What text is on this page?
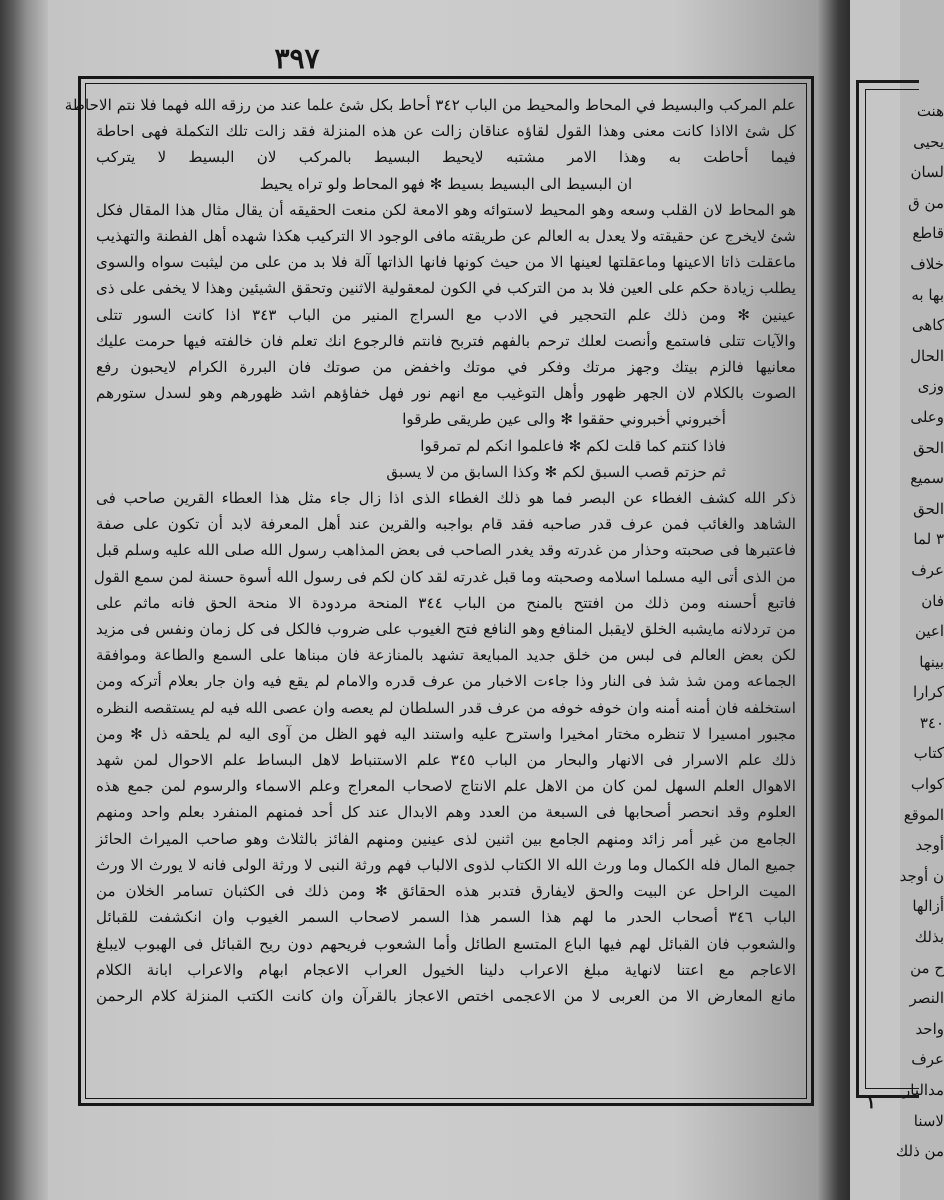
هنت
يحيى
لسان
من ق
قاطع
خلاف
بها به
كاهى
الحال
وزى
وعلى
الحق
سميع
الحق
٣ لما
عرف
فان
اعين
بينها
كرارا
٣٤٠
كتاب
كواب
الموقع
أوجد
ن أوجد
أزالها
بذلك
ح من
النصر
واحد
عرف
مدالنار
لاسنا
من ذلك
٣٩٧
علم المركب والبسيط في المحاط والمحيط من الباب ٣٤٢ أحاط بكل شئ علما عند من رزقه الله فهما فلا نتم الاحاطة
كل شئ الااذا كانت معنى وهذا القول لقاؤه عناقان زالت عن هذه المنزلة فقد زالت تلك التكملة فهى احاطة
فيما أحاطت به وهذا الامر مشتبه لايحيط البسيط بالمركب لان البسيط لا يتركب
ان البسيط الى البسيط بسيط ✻ فهو المحاط ولو تراه يحيط
هو المحاط لان القلب وسعه وهو المحيط لاستوائه وهو الامعة لكن منعت الحقيقه أن يقال مثال هذا المقال فكل
شئ لايخرج عن حقيقته ولا يعدل به العالم عن طريقته مافى الوجود الا التركيب هكذا شهده أهل الفطنة والتهذيب
ماعقلت ذاتا الاعينها وماعقلتها لعينها الا من حيث كونها فانها الذاتها آلة فلا بد من على من ليثبت سواه والسوى
يطلب زيادة حكم على العين فلا بد من التركب في الكون لمعقولية الاثنين وتحقق الشيئين وهذا لا يخفى على ذى
عينين ✻ ومن ذلك علم التحجير في الادب مع السراج المنير من الباب ٣٤٣ اذا كانت السور تتلى
والآيات تتلى فاستمع وأنصت لعلك ترحم بالفهم فتربح فانتم فالرجوع انك تعلم فان خالفته فيها حرمت عليك
معانيها فالزم بيتك وجهز مرتك وفكر في موتك واخفض من صوتك فان البررة الكرام لايحبون رفع
الصوت بالكلام لان الجهر ظهور وأهل التوغيب مع انهم نور فهل خفاؤهم اشد ظهورهم وهو لسدل ستورهم
أخبروني أخبروني حققوا ✻ والى عين طريقى طرقوا
فاذا كنتم كما قلت لكم ✻ فاعلموا انكم لم تمرقوا
ثم حزتم قصب السبق لكم ✻ وكذا السابق من لا يسبق
ذكر الله كشف الغطاء عن البصر فما هو ذلك الغطاء الذى اذا زال جاء مثل هذا العطاء القرين صاحب فى
الشاهد والغائب فمن عرف قدر صاحبه فقد قام بواجبه والقرين عند أهل المعرفة لابد أن تكون على صفة
فاعتبرها فى صحبته وحذار من غدرته وقد يغدر الصاحب فى بعض المذاهب رسول الله صلى الله عليه وسلم قبل
من الذى أتى اليه مسلما اسلامه وصحبته وما قبل غدرته لقد كان لكم فى رسول الله أسوة حسنة لمن سمع القول
فاتبع أحسنه ومن ذلك من افتتح بالمنح من الباب ٣٤٤ المنحة مردودة الا منحة الحق فانه ماثم على
من تردلانه مايشبه الخلق لايقبل المنافع وهو النافع فتح الغيوب على ضروب فالكل فى كل زمان ونفس فى مزيد
لكن بعض العالم فى لبس من خلق جديد المبايعة تشهد بالمنازعة فان مبناها على السمع والطاعة وموافقة
الجماعه ومن شذ شذ فى النار وذا جاءت الاخبار من عرف قدره والامام لم يقع فيه وان جار بعلام أتركه ومن
استخلفه فان أمنه أمنه وان خوفه خوفه من عرف قدر السلطان لم يعصه وان عصى الله فيه لم يستقصه النظره
مجبور امسيرا لا تنظره مختار امخيرا واسترح عليه واستند اليه فهو الظل من آوى اليه لم يلحقه ذل ✻ ومن
ذلك علم الاسرار فى الانهار والبحار من الباب ٣٤٥ علم الاستنباط لاهل البساط علم الاحوال لمن شهد
الاهوال العلم السهل لمن كان من الاهل علم الانتاج لاصحاب المعراج وعلم الاسماء والرسوم لمن جمع هذه
العلوم وقد انحصر أصحابها فى السبعة من العدد وهم الابدال عند كل أحد فمنهم المنفرد بعلم واحد ومنهم
الجامع من غير أمر زائد ومنهم الجامع بين اثنين لذى عينين ومنهم الفائز بالثلاث وهو صاحب الميراث الحائز
جميع المال فله الكمال وما ورث الله الا الكتاب لذوى الالباب فهم ورثة النبى لا ورثة الولى فانه لا يورث الا ورث
الميت الراحل عن البيت والحق لايفارق فتدبر هذه الحقائق ✻ ومن ذلك فى الكثبان تسامر الخلان من
الباب ٣٤٦ أصحاب الحدر ما لهم هذا السمر هذا السمر لاصحاب السمر الغيوب وان انكشفت للقبائل
والشعوب فان القبائل لهم فيها الباع المتسع الطائل وأما الشعوب فريحهم دون ريح القبائل فى الهبوب لايبلغ
الاعاجم مع اعتنا لانهاية مبلغ الاعراب دلينا الخيول العراب الاعجام ابهام والاعراب ابانة الكلام
مانع المعارض الا من العربى لا من الاعجمى اختص الاعجاز بالقرآن وان كانت الكتب المنزلة كلام الرحمن
١
